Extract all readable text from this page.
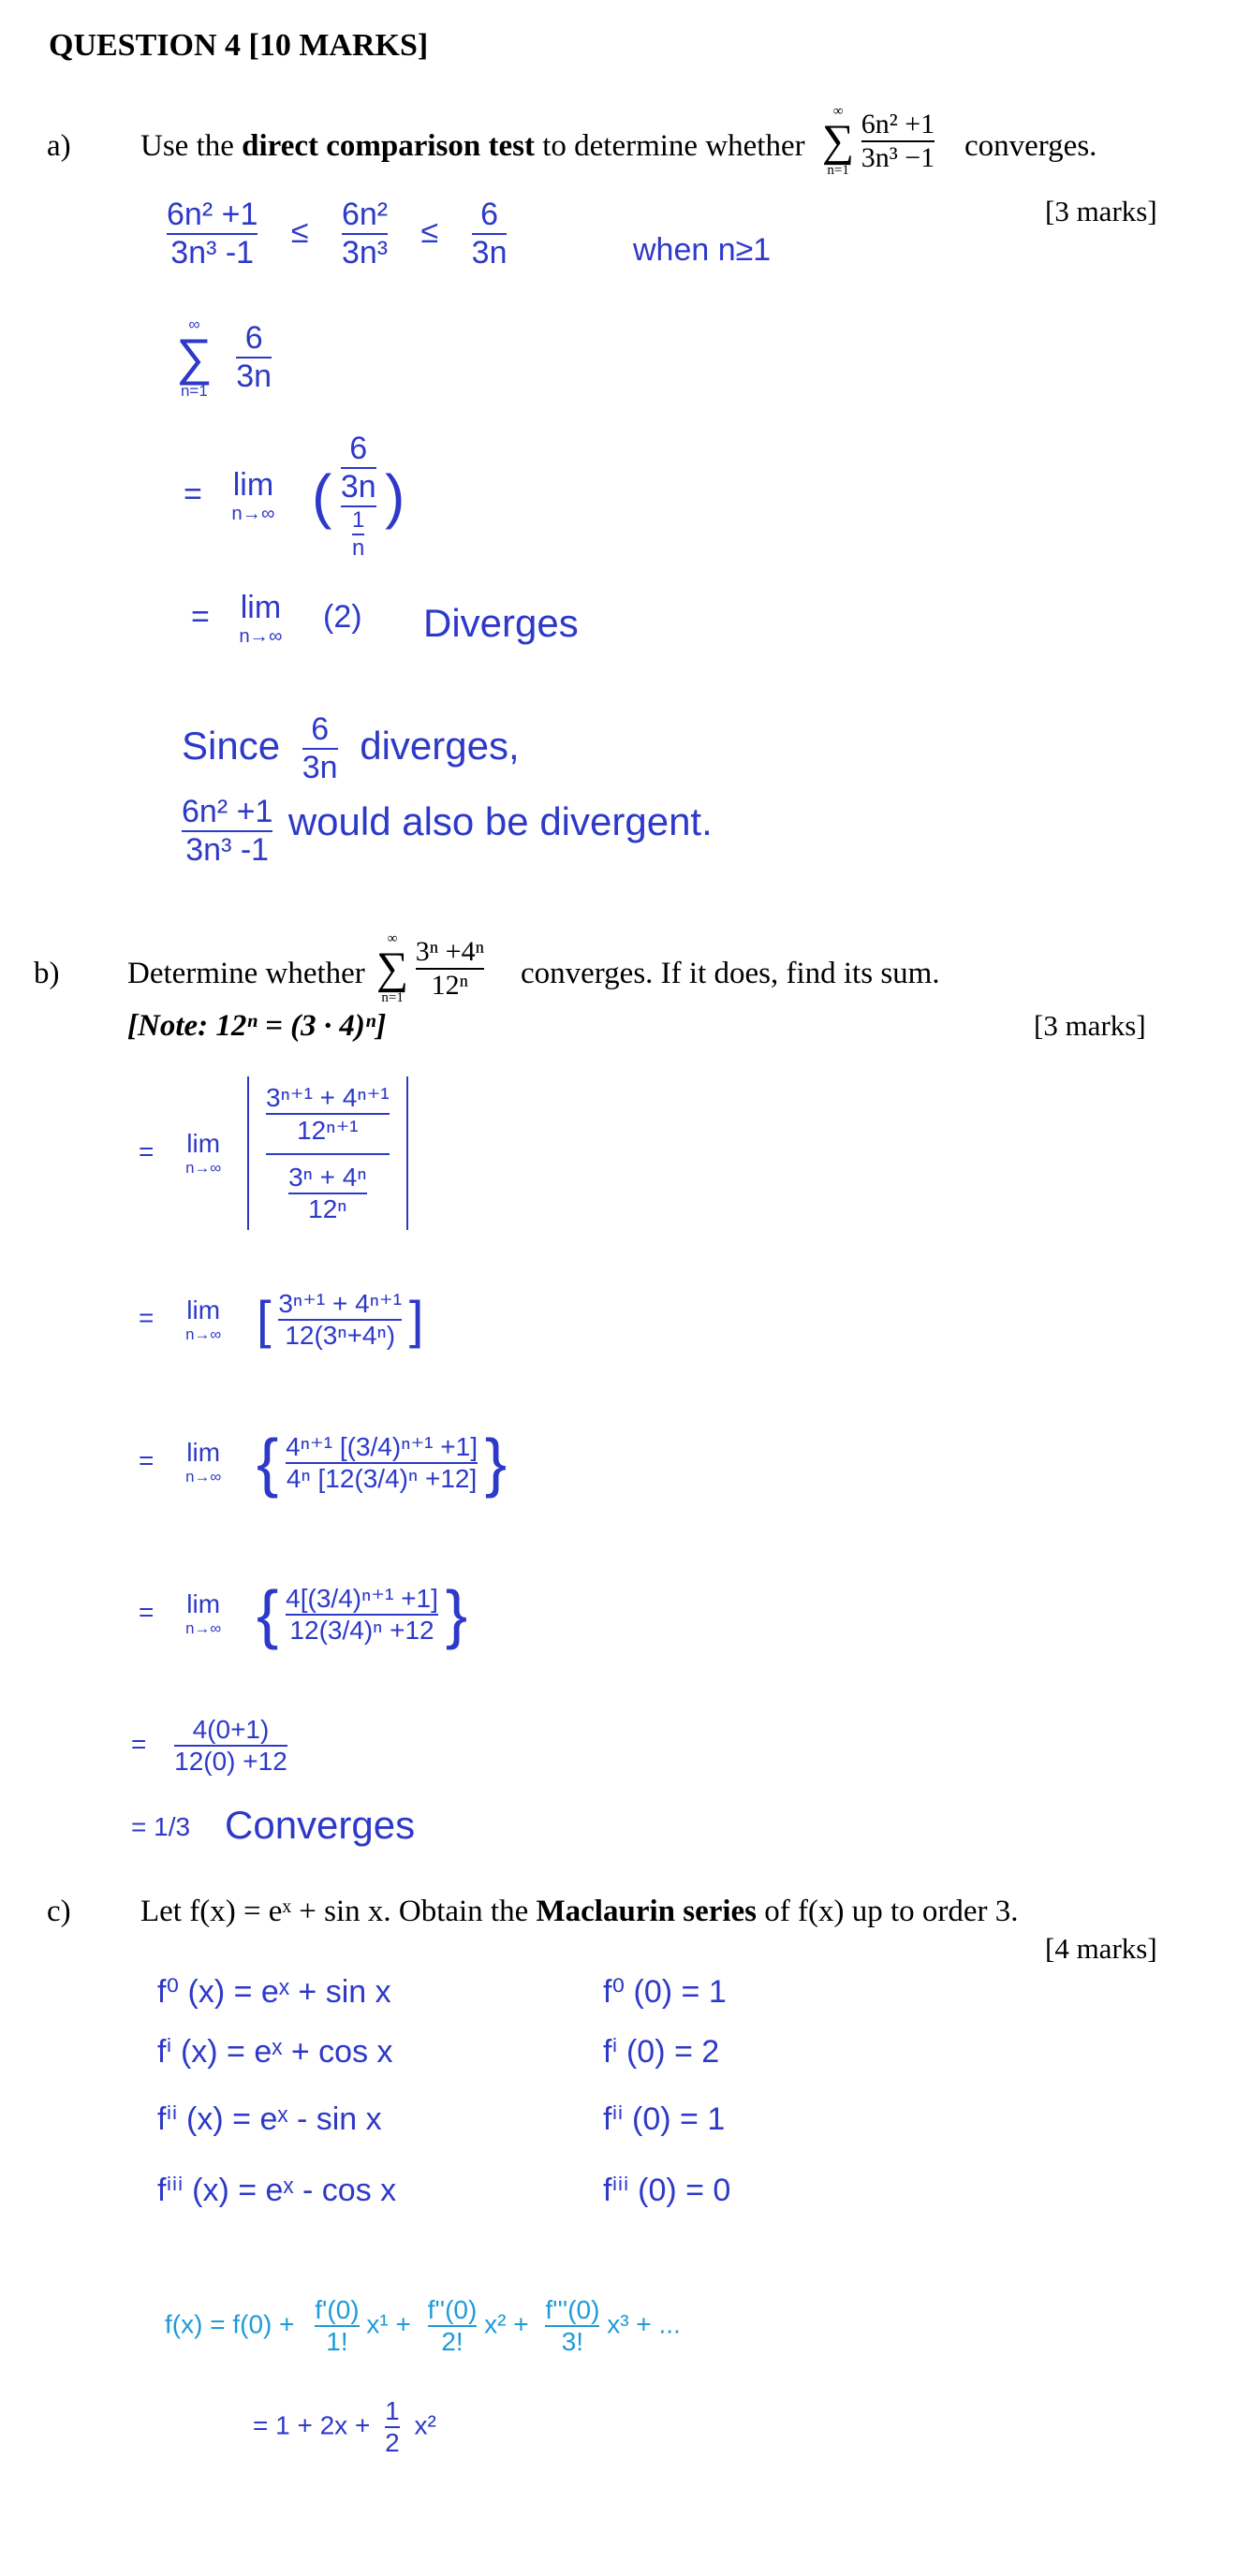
QUESTION 4 [10 MARKS]
a) Use the direct comparison test to determine whether
∞
∑
n=1
$\frac{\text{6n² +1}}{\text{3n³ −1}}$ converges.
[3 marks]
$\frac{\text{6n² +1}}{\text{3n³ -1}} \le \frac{\text{6n²}}{\text{3n³}} \le \frac{6}{3n}$	when n≥1
∞
∑
n=1
$\frac{6}{3n}$
= lim
n→∞ (
6
3n
$\frac{1}{n}$
)
= lim
n→∞
(2) Diverges
Since $\frac{6}{3n}$ diverges,
$\frac{\text{6n² +1}}{\text{3n³ -1}}$ would also be divergent.
b) Determine whether
∞
∑
n=1
$\frac{\text{3ⁿ +4ⁿ}}{\text{12ⁿ}}$ converges. If it does, find its sum.
[Note: 12ⁿ = (3 · 4)ⁿ]	[3 marks]
= lim
n→∞
$\frac{\frac{\text{3ⁿ⁺¹ + 4ⁿ⁺¹}}{\text{12ⁿ⁺¹}}}{\frac{\text{3ⁿ + 4ⁿ}}{\text{12ⁿ}}}$
= lim
n→∞ [ $\frac{\text{3ⁿ⁺¹ + 4ⁿ⁺¹}}{\text{12(3ⁿ+4ⁿ)}}$ ]
= lim
n→∞ { $\frac{\text{4ⁿ⁺¹ [(3/4)ⁿ⁺¹ +1]}}{\text{4ⁿ [12(3/4)ⁿ +12]}}$ }
= lim
n→∞ { $\frac{\text{4[(3/4)ⁿ⁺¹ +1]}}{\text{12(3/4)ⁿ +12}}$ }
= $\frac{4(0+1)}{12(0) +12}$
= 1/3 Converges
c) Let f(x) = eˣ + sin x. Obtain the Maclaurin series of f(x) up to order 3.
[4 marks]
f⁰ (x) = eˣ + sin x
fⁱ (x) = eˣ + cos x
fⁱⁱ (x) = eˣ - sin x
fⁱⁱⁱ (x) = eˣ - cos x
f⁰ (0) = 1
fⁱ (0) = 2
fⁱⁱ (0) = 1
fⁱⁱⁱ (0) = 0
$f(x) = f(0) + \frac{f'(0)}{1!} x^1 + \frac{f''(0)}{2!} x^2 + \frac{f'''(0)}{3!} x^3$ + ...
= $1 + 2x + \frac{1}{2} x^2$
